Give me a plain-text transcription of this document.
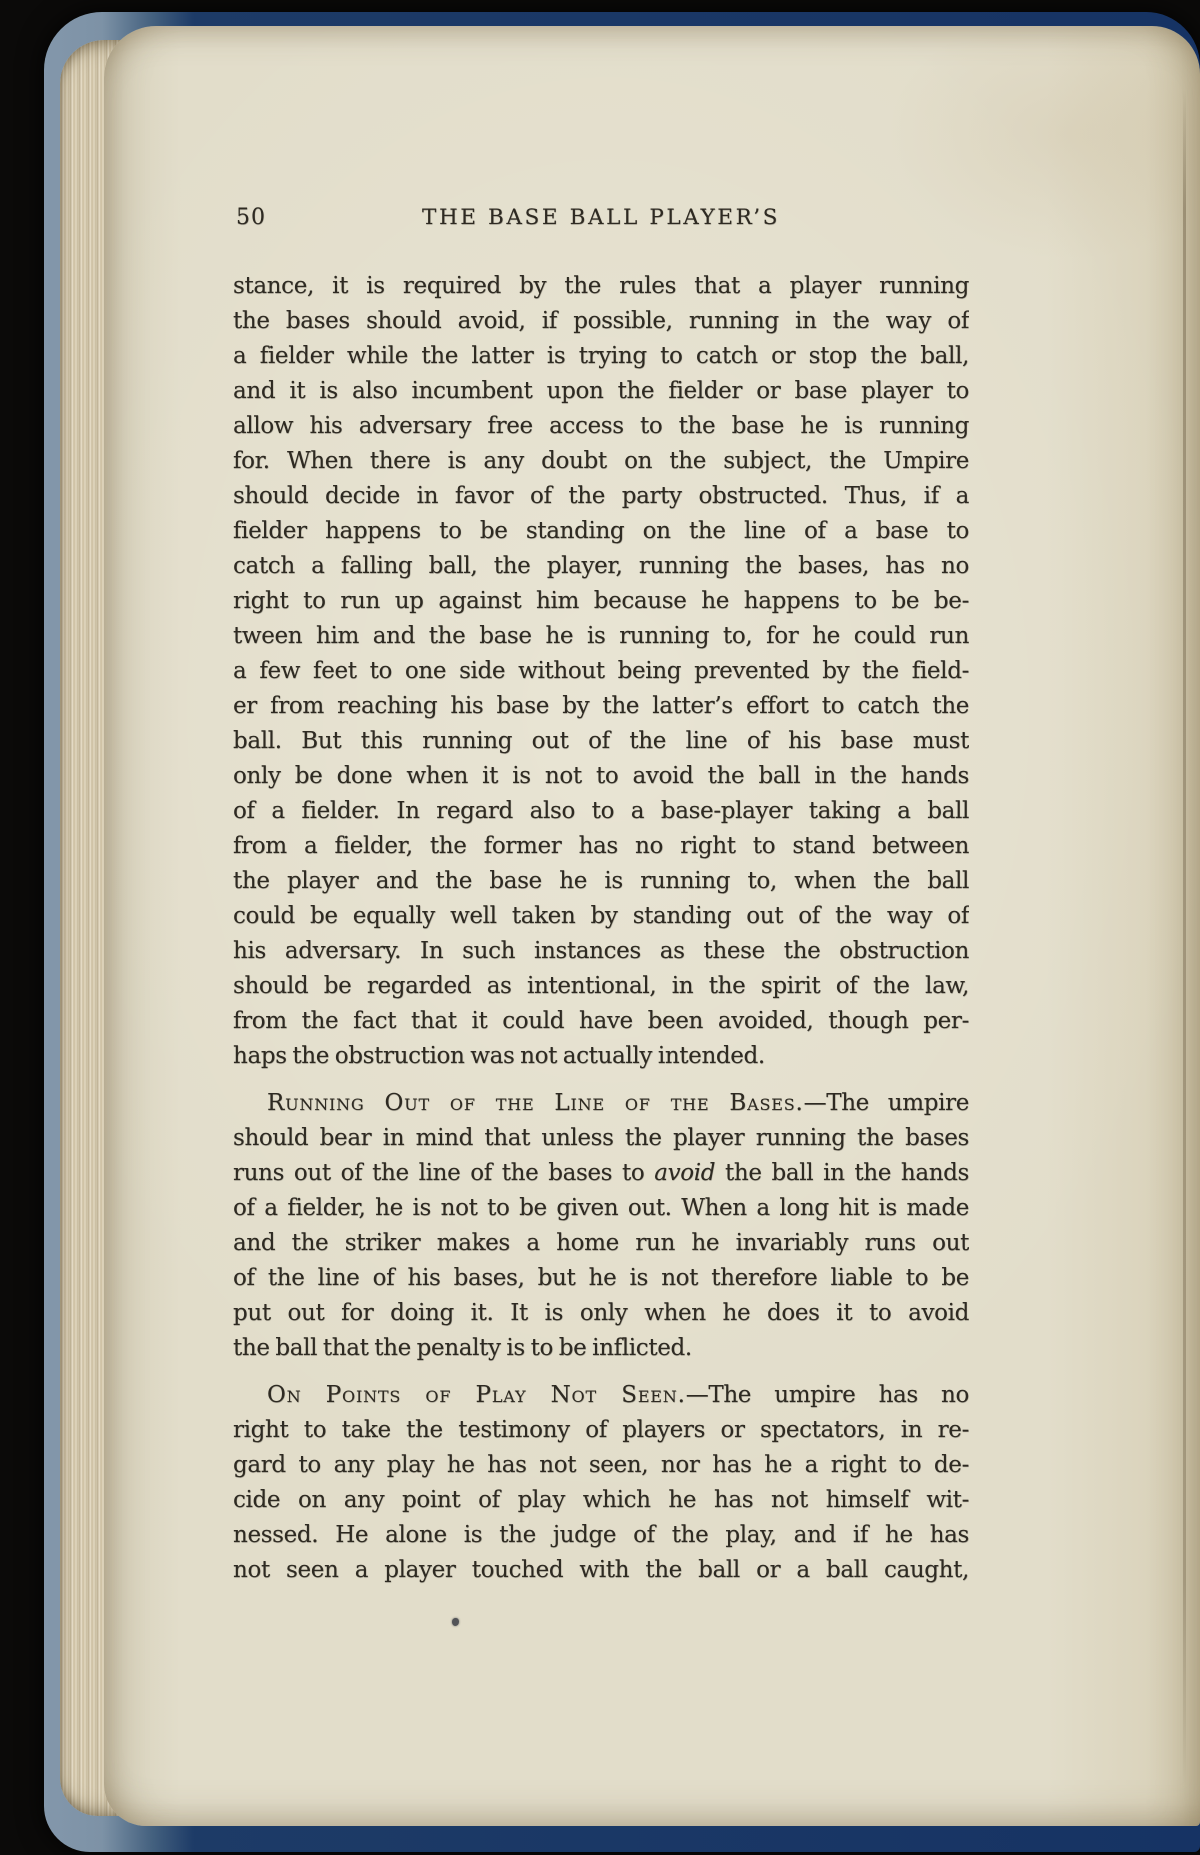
50	THE BASE BALL PLAYER’S
stance, it is required by the rules that a player running
the bases should avoid, if possible, running in the way of
a fielder while the latter is trying to catch or stop the ball,
and it is also incumbent upon the fielder or base player to
allow his adversary free access to the base he is running
for. When there is any doubt on the subject, the Umpire
should decide in favor of the party obstructed. Thus, if a
fielder happens to be standing on the line of a base to
catch a falling ball, the player, running the bases, has no
right to run up against him because he happens to be be-
tween him and the base he is running to, for he could run
a few feet to one side without being prevented by the field-
er from reaching his base by the latter’s effort to catch the
ball. But this running out of the line of his base must
only be done when it is not to avoid the ball in the hands
of a fielder. In regard also to a base-player taking a ball
from a fielder, the former has no right to stand between
the player and the base he is running to, when the ball
could be equally well taken by standing out of the way of
his adversary. In such instances as these the obstruction
should be regarded as intentional, in the spirit of the law,
from the fact that it could have been avoided, though per-
haps the obstruction was not actually intended.
Running Out of the Line of the Bases.—The umpire
should bear in mind that unless the player running the bases
runs out of the line of the bases to avoid the ball in the hands
of a fielder, he is not to be given out. When a long hit is made
and the striker makes a home run he invariably runs out
of the line of his bases, but he is not therefore liable to be
put out for doing it. It is only when he does it to avoid
the ball that the penalty is to be inflicted.
On Points of Play Not Seen.—The umpire has no
right to take the testimony of players or spectators, in re-
gard to any play he has not seen, nor has he a right to de-
cide on any point of play which he has not himself wit-
nessed. He alone is the judge of the play, and if he has
not seen a player touched with the ball or a ball caught,
